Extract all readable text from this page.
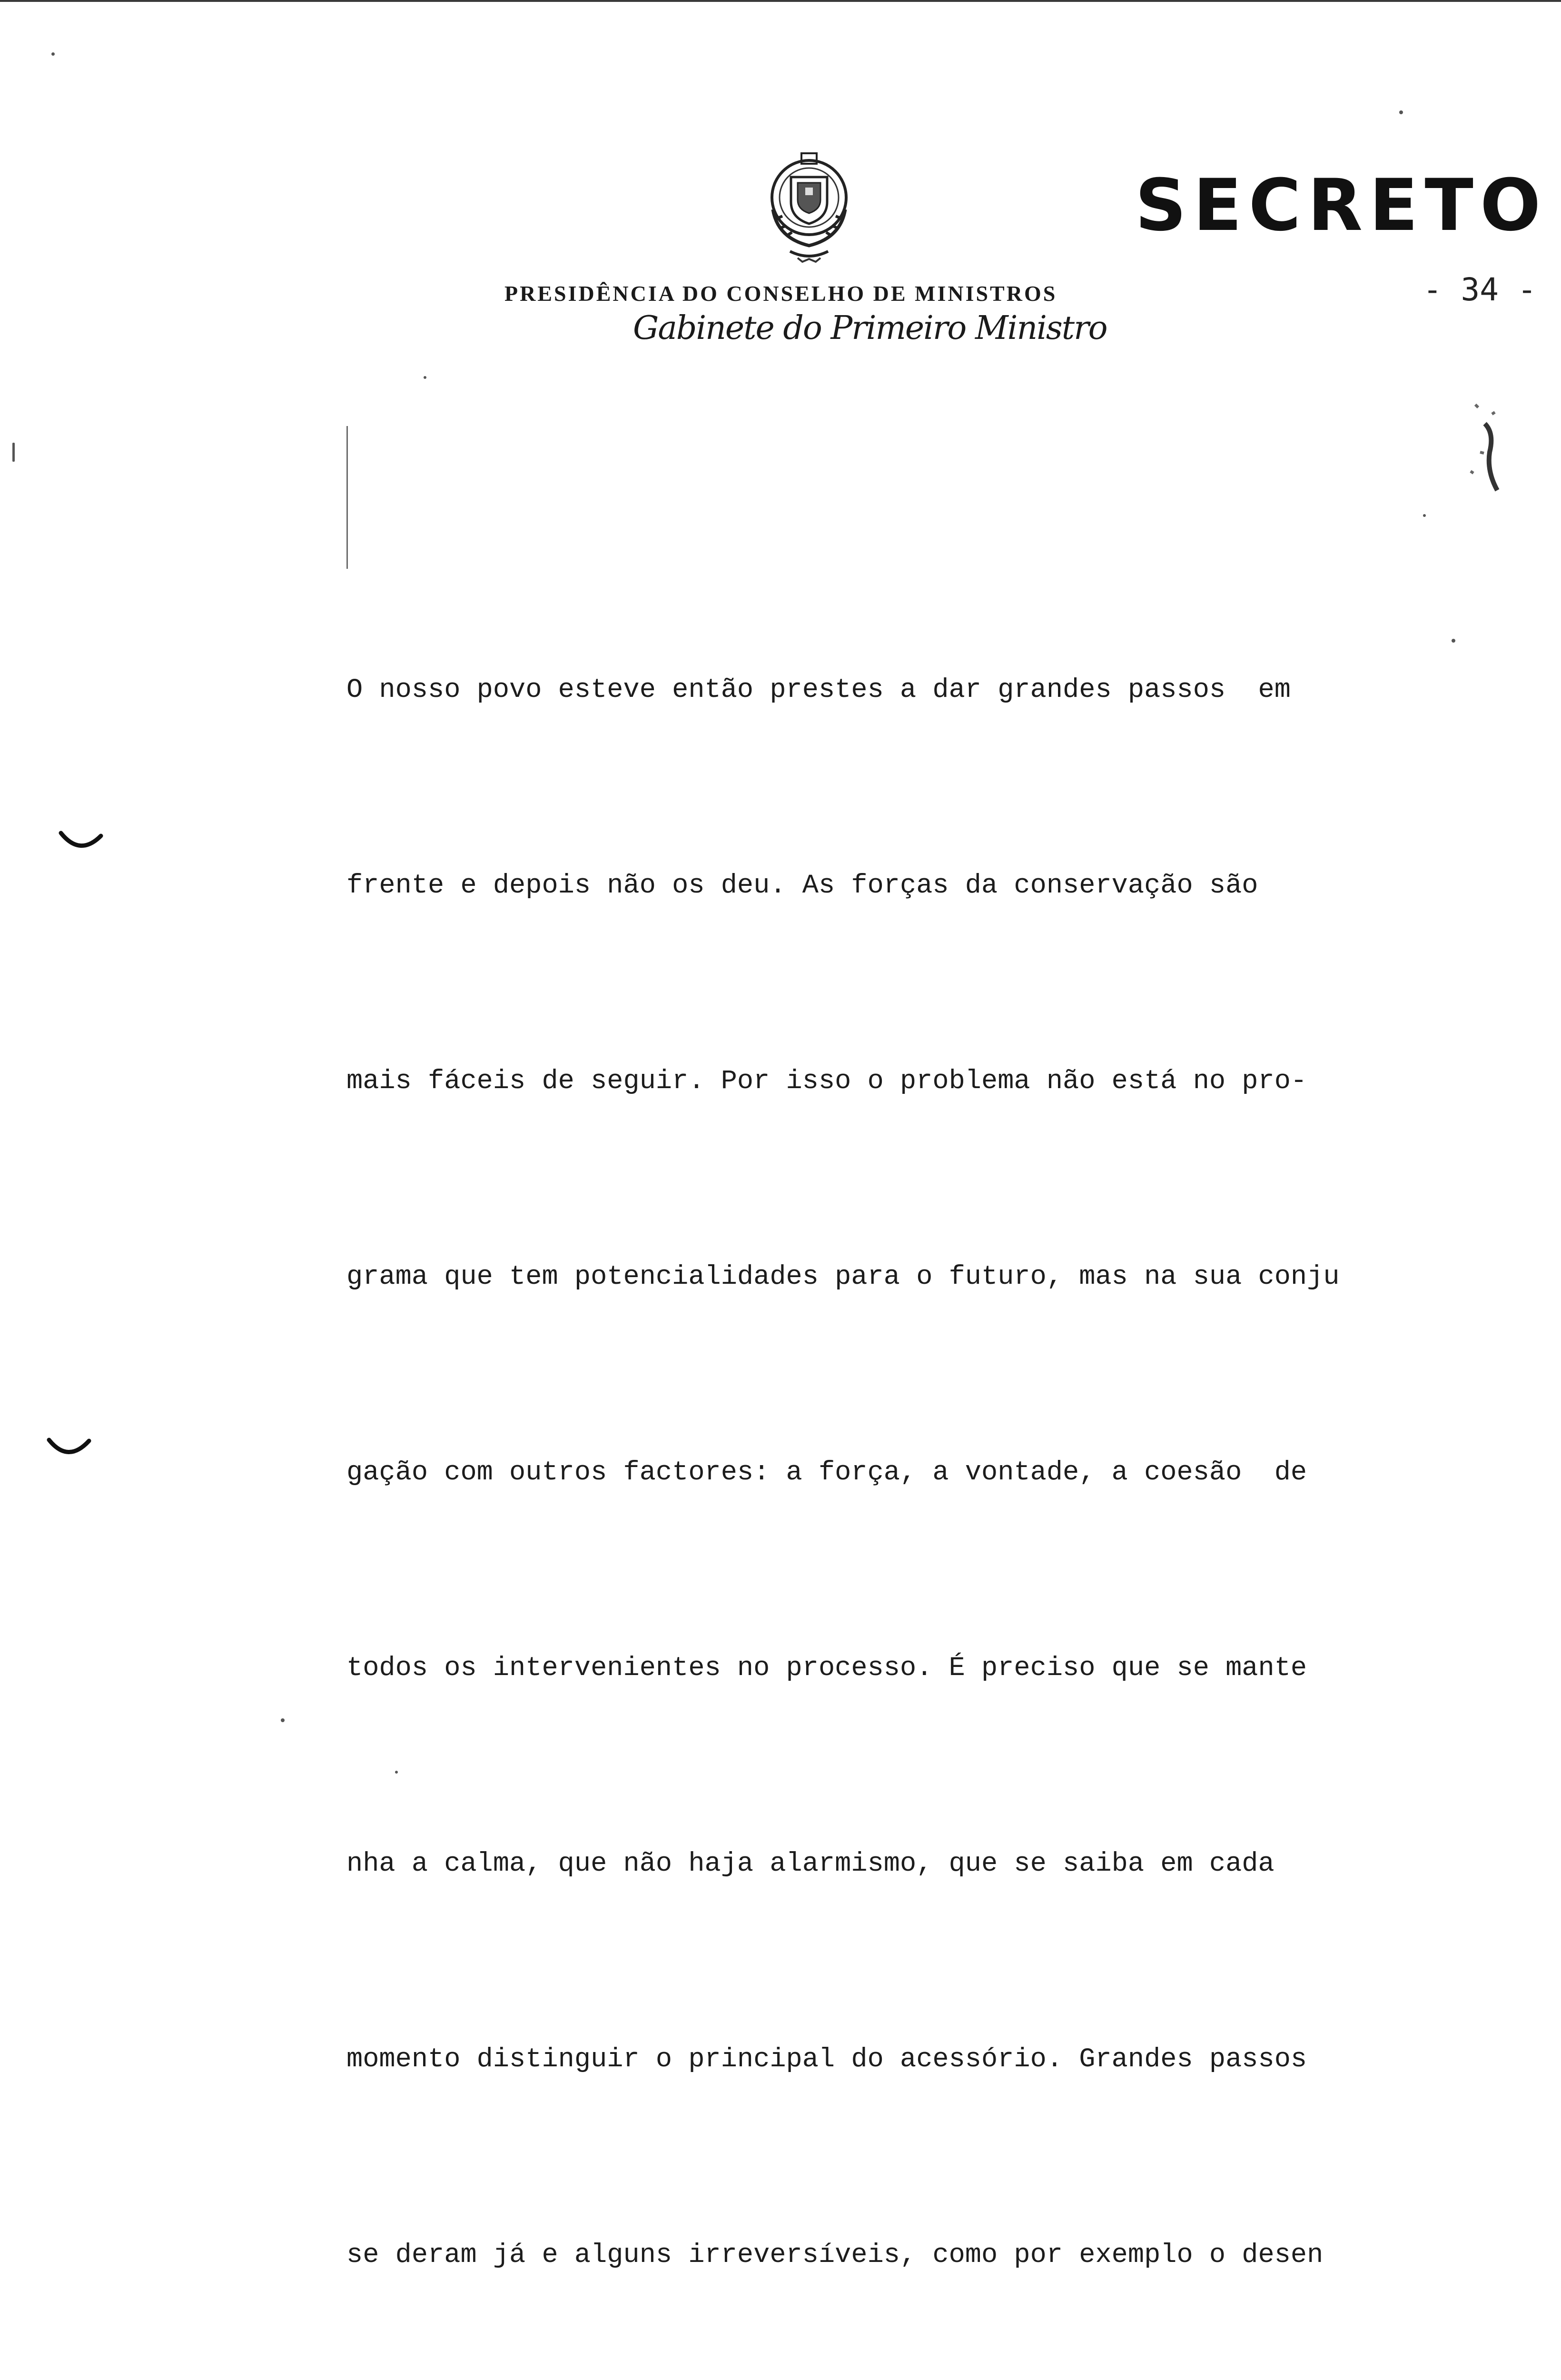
SECRETO
- 34 -
PRESIDÊNCIA DO CONSELHO DE MINISTROS
Gabinete do Primeiro Ministro

O nosso povo esteve então prestes a dar grandes passos  em

frente e depois não os deu. As forças da conservação são

mais fáceis de seguir. Por isso o problema não está no pro-

grama que tem potencialidades para o futuro, mas na sua conju

gação com outros factores: a força, a vontade, a coesão  de

todos os intervenientes no processo. É preciso que se mante

nha a calma, que não haja alarmismo, que se saiba em cada

momento distinguir o principal do acessório. Grandes passos

se deram já e alguns irreversíveis, como por exemplo o desen
